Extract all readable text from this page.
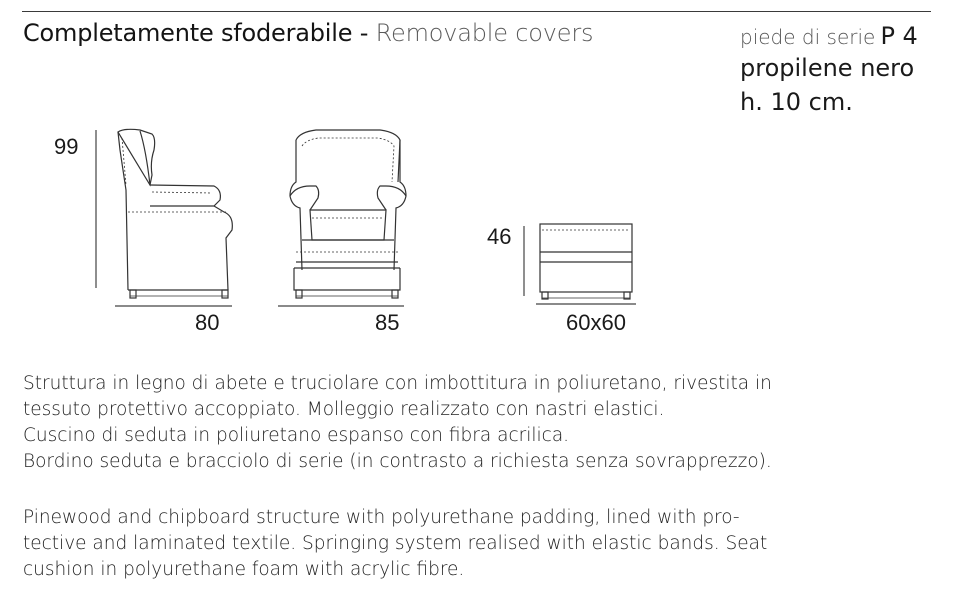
Completamente sfoderabile - Removable covers	piede di serie P 4
propilene nero
h. 10 cm.
99
80	85
46
60x60
Struttura in legno di abete e truciolare con imbottitura in poliuretano, rivestita in
tessuto protettivo accoppiato. Molleggio realizzato con nastri elastici.
Cuscino di seduta in poliuretano espanso con fibra acrilica.
Bordino seduta e bracciolo di serie (in contrasto a richiesta senza sovrapprezzo).
Pinewood and chipboard structure with polyurethane padding, lined with pro-
tective and laminated textile. Springing system realised with elastic bands. Seat
cushion in polyurethane foam with acrylic fibre.
